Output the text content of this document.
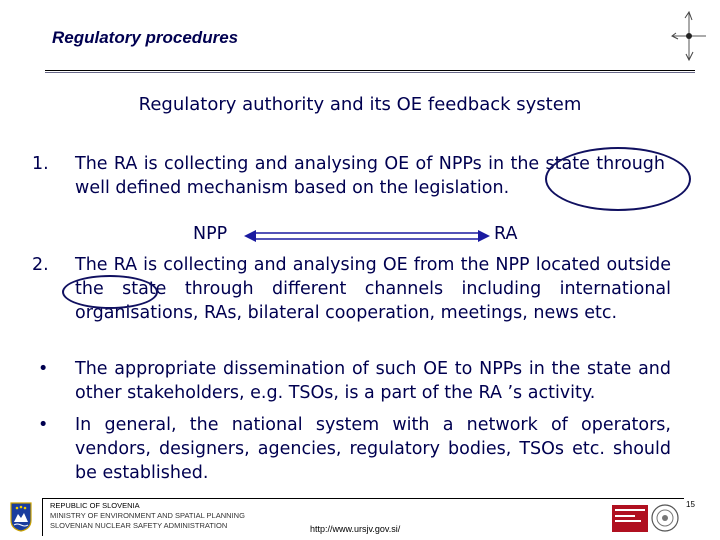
Regulatory procedures
Regulatory authority and its OE feedback system
1. The RA is collecting and analysing OE of NPPs in the state through well defined mechanism based on the legislation.
NPP	RA
2. The RA is collecting and analysing OE from the NPP located outside the state through different channels including international organisations, RAs, bilateral cooperation, meetings, news etc.
• The appropriate dissemination of such OE to NPPs in the state and other stakeholders, e.g. TSOs, is a part of the RA ’s activity.
• In general, the national system with a network of operators, vendors, designers, agencies, regulatory bodies, TSOs etc. should be established.
REPUBLIC OF SLOVENIA
MINISTRY OF ENVIRONMENT AND SPATIAL PLANNING
SLOVENIAN NUCLEAR SAFETY ADMINISTRATION	http://www.ursjv.gov.si/
15
